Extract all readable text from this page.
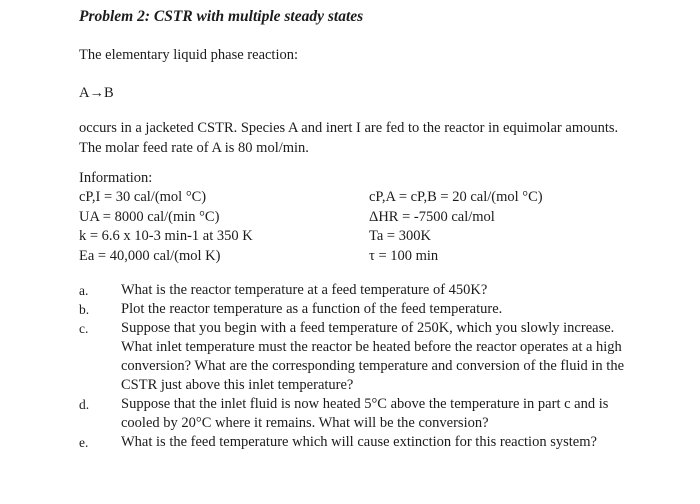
Problem 2: CSTR with multiple steady states
The elementary liquid phase reaction:
A→B
occurs in a jacketed CSTR. Species A and inert I are fed to the reactor in equimolar amounts. The molar feed rate of A is 80 mol/min.
Information:
cP,I = 30 cal/(mol °C)
UA = 8000 cal/(min °C)
k = 6.6 x 10-3 min-1 at 350 K
Ea = 40,000 cal/(mol K)
cP,A = cP,B = 20 cal/(mol °C)
ΔHR = -7500 cal/mol
Ta = 300K
τ = 100 min
a. What is the reactor temperature at a feed temperature of 450K?
b. Plot the reactor temperature as a function of the feed temperature.
c. Suppose that you begin with a feed temperature of 250K, which you slowly increase. What inlet temperature must the reactor be heated before the reactor operates at a high conversion? What are the corresponding temperature and conversion of the fluid in the CSTR just above this inlet temperature?
d. Suppose that the inlet fluid is now heated 5°C above the temperature in part c and is cooled by 20°C where it remains. What will be the conversion?
e. What is the feed temperature which will cause extinction for this reaction system?
